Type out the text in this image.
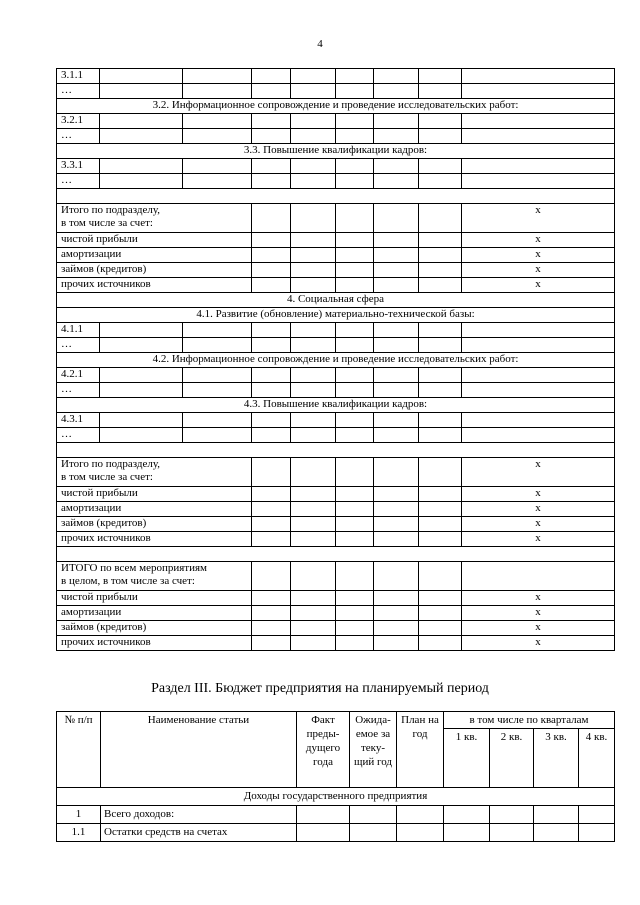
4
3.1.1								
…								
3.2. Информационное сопровождение и проведение исследовательских работ:								
3.2.1								
…								
3.3. Повышение квалификации кадров:								
3.3.1								
…								

Итого по подразделу,
в том числе за счет:								x
чистой прибыли								x
амортизации								x
займов (кредитов)								x
прочих источников								x
4. Социальная сфера								
4.1. Развитие (обновление) материально-технической базы:								
4.1.1								
…								
4.2. Информационное сопровождение и проведение исследовательских работ:								
4.2.1								
…								
4.3. Повышение квалификации кадров:								
4.3.1								
…								

Итого по подразделу,
в том числе за счет:								x
чистой прибыли								x
амортизации								x
займов (кредитов)								x
прочих источников								x

ИТОГО по всем мероприятиям
в целом, в том числе за счет:								

чистой прибыли								x
амортизации								x
займов (кредитов)								x
прочих источников								x
Раздел III. Бюджет предприятия на планируемый период
№ п/п	Наименование статьи	Факт преды-дущего года	Ожида-емое за теку-щий год	План на год	в том числе по кварталам			
					1 кв.	2 кв.	3 кв.	4 кв.
Доходы государственного предприятия								
1	Всего доходов:							
1.1	Остатки средств на счетах							
